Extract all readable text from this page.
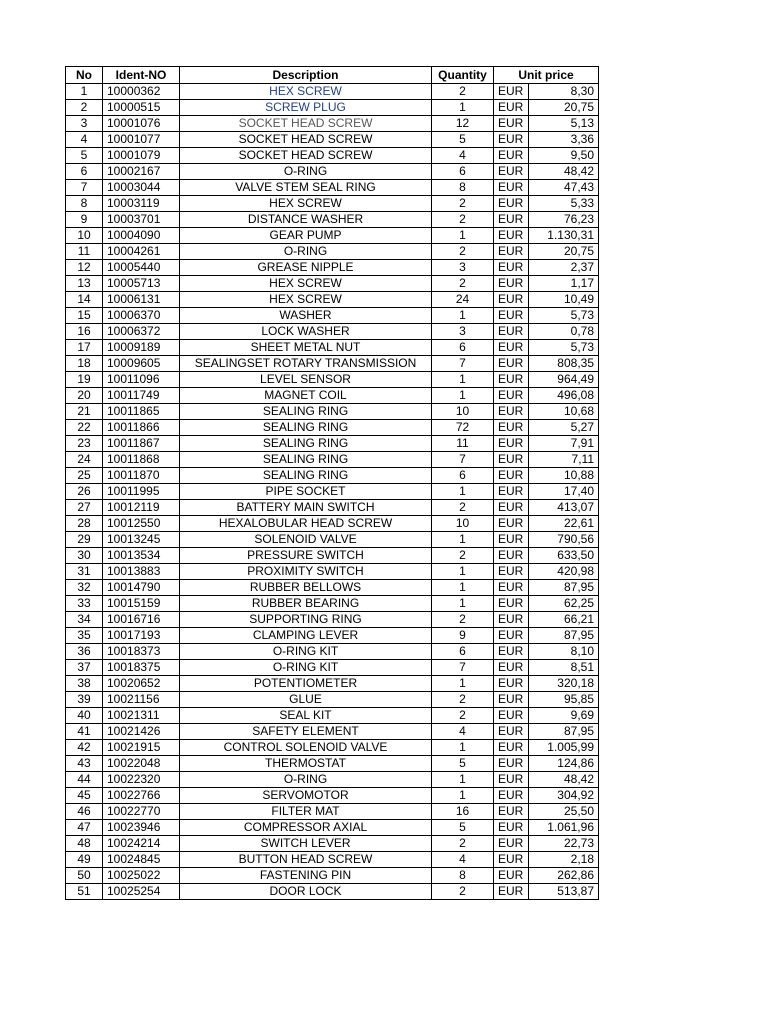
No	Ident-NO	Description	Quantity	Unit price	
1	10000362	HEX SCREW	2	EUR	8,30
2	10000515	SCREW PLUG	1	EUR	20,75
3	10001076	SOCKET HEAD SCREW	12	EUR	5,13
4	10001077	SOCKET HEAD SCREW	5	EUR	3,36
5	10001079	SOCKET HEAD SCREW	4	EUR	9,50
6	10002167	O-RING	6	EUR	48,42
7	10003044	VALVE STEM SEAL RING	8	EUR	47,43
8	10003119	HEX SCREW	2	EUR	5,33
9	10003701	DISTANCE WASHER	2	EUR	76,23
10	10004090	GEAR PUMP	1	EUR	1.130,31
11	10004261	O-RING	2	EUR	20,75
12	10005440	GREASE NIPPLE	3	EUR	2,37
13	10005713	HEX SCREW	2	EUR	1,17
14	10006131	HEX SCREW	24	EUR	10,49
15	10006370	WASHER	1	EUR	5,73
16	10006372	LOCK WASHER	3	EUR	0,78
17	10009189	SHEET METAL NUT	6	EUR	5,73
18	10009605	SEALINGSET ROTARY TRANSMISSION	7	EUR	808,35
19	10011096	LEVEL SENSOR	1	EUR	964,49
20	10011749	MAGNET COIL	1	EUR	496,08
21	10011865	SEALING RING	10	EUR	10,68
22	10011866	SEALING RING	72	EUR	5,27
23	10011867	SEALING RING	11	EUR	7,91
24	10011868	SEALING RING	7	EUR	7,11
25	10011870	SEALING RING	6	EUR	10,88
26	10011995	PIPE SOCKET	1	EUR	17,40
27	10012119	BATTERY MAIN SWITCH	2	EUR	413,07
28	10012550	HEXALOBULAR HEAD SCREW	10	EUR	22,61
29	10013245	SOLENOID VALVE	1	EUR	790,56
30	10013534	PRESSURE SWITCH	2	EUR	633,50
31	10013883	PROXIMITY SWITCH	1	EUR	420,98
32	10014790	RUBBER BELLOWS	1	EUR	87,95
33	10015159	RUBBER BEARING	1	EUR	62,25
34	10016716	SUPPORTING RING	2	EUR	66,21
35	10017193	CLAMPING LEVER	9	EUR	87,95
36	10018373	O-RING KIT	6	EUR	8,10
37	10018375	O-RING KIT	7	EUR	8,51
38	10020652	POTENTIOMETER	1	EUR	320,18
39	10021156	GLUE	2	EUR	95,85
40	10021311	SEAL KIT	2	EUR	9,69
41	10021426	SAFETY ELEMENT	4	EUR	87,95
42	10021915	CONTROL SOLENOID VALVE	1	EUR	1.005,99
43	10022048	THERMOSTAT	5	EUR	124,86
44	10022320	O-RING	1	EUR	48,42
45	10022766	SERVOMOTOR	1	EUR	304,92
46	10022770	FILTER MAT	16	EUR	25,50
47	10023946	COMPRESSOR AXIAL	5	EUR	1.061,96
48	10024214	SWITCH LEVER	2	EUR	22,73
49	10024845	BUTTON HEAD SCREW	4	EUR	2,18
50	10025022	FASTENING PIN	8	EUR	262,86
51	10025254	DOOR LOCK	2	EUR	513,87
